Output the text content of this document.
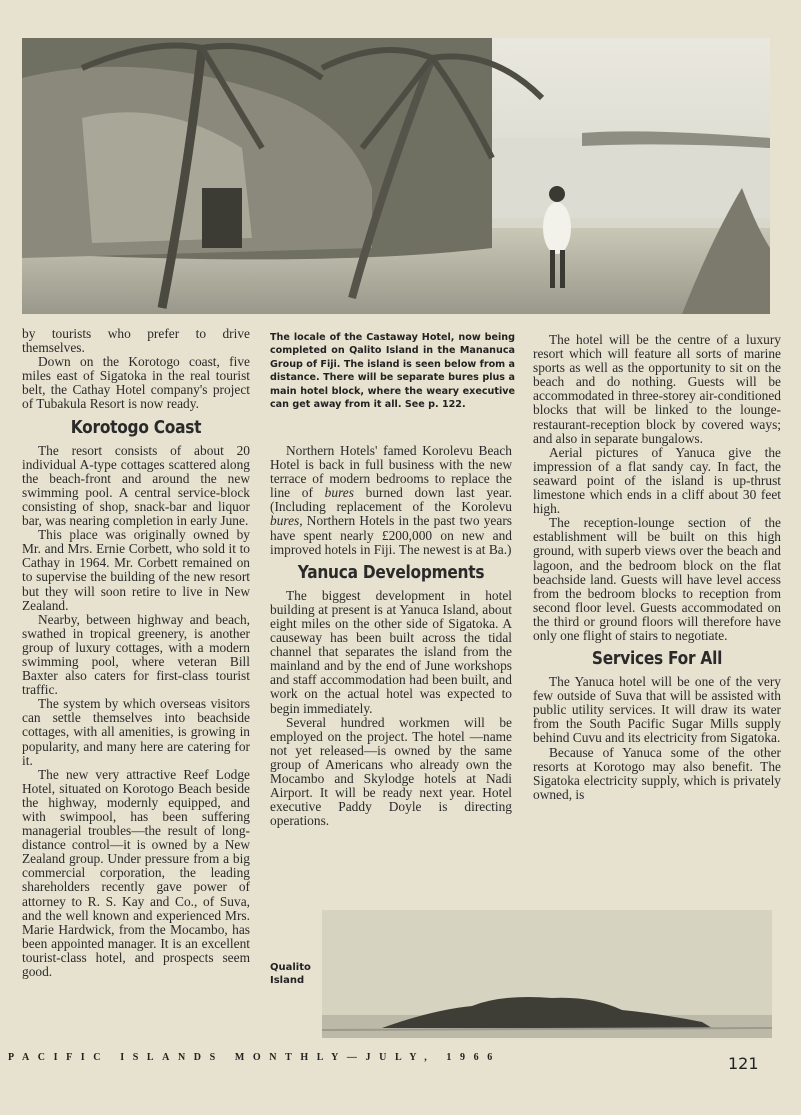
by tourists who prefer to drive themselves.

Down on the Korotogo coast, five miles east of Sigatoka in the real tourist belt, the Cathay Hotel company's project of Tubakula Resort is now ready.

Korotogo Coast

The resort consists of about 20 individual A-type cottages scattered along the beach-front and around the new swimming pool. A central service-block consisting of shop, snack-bar and liquor bar, was nearing completion in early June.

This place was originally owned by Mr. and Mrs. Ernie Corbett, who sold it to Cathay in 1964. Mr. Corbett remained on to supervise the building of the new resort but they will soon retire to live in New Zealand.

Nearby, between highway and beach, swathed in tropical greenery, is another group of luxury cottages, with a modern swimming pool, where veteran Bill Baxter also caters for first-class tourist traffic.

The system by which overseas visitors can settle themselves into beachside cottages, with all amenities, is growing in popularity, and many here are catering for it.

The new very attractive Reef Lodge Hotel, situated on Korotogo Beach beside the highway, modernly equipped, and with swimpool, has been suffering managerial troubles—the result of long-distance control—it is owned by a New Zealand group. Under pressure from a big commercial corporation, the leading shareholders recently gave power of attorney to R. S. Kay and Co., of Suva, and the well known and experienced Mrs. Marie Hardwick, from the Mocambo, has been appointed manager. It is an excellent tourist-class hotel, and prospects seem good.

The locale of the Castaway Hotel, now being completed on Qalito Island in the Mananuca Group of Fiji. The island is seen below from a distance. There will be separate bures plus a main hotel block, where the weary executive can get away from it all. See p. 122.

Northern Hotels' famed Korolevu Beach Hotel is back in full business with the new terrace of modern bedrooms to replace the line of bures burned down last year. (Including replacement of the Korolevu bures, Northern Hotels in the past two years have spent nearly £200,000 on new and improved hotels in Fiji. The newest is at Ba.)

Yanuca Developments

The biggest development in hotel building at present is at Yanuca Island, about eight miles on the other side of Sigatoka. A causeway has been built across the tidal channel that separates the island from the mainland and by the end of June workshops and staff accommodation had been built, and work on the actual hotel was expected to begin immediately.

Several hundred workmen will be employed on the project. The hotel —name not yet released—is owned by the same group of Americans who already own the Mocambo and Skylodge hotels at Nadi Airport. It will be ready next year. Hotel executive Paddy Doyle is directing operations.

The hotel will be the centre of a luxury resort which will feature all sorts of marine sports as well as the opportunity to sit on the beach and do nothing. Guests will be accommodated in three-storey air-conditioned blocks that will be linked to the lounge-restaurant-reception block by covered ways; and also in separate bungalows.

Aerial pictures of Yanuca give the impression of a flat sandy cay. In fact, the seaward point of the island is up-thrust limestone which ends in a cliff about 30 feet high.

The reception-lounge section of the establishment will be built on this high ground, with superb views over the beach and lagoon, and the bedroom block on the flat beachside land. Guests will have level access from the bedroom blocks to reception from second floor level. Guests accommodated on the third or ground floors will therefore have only one flight of stairs to negotiate.

Services For All

The Yanuca hotel will be one of the very few outside of Suva that will be assisted with public utility services. It will draw its water from the South Pacific Sugar Mills supply behind Cuvu and its electricity from Sigatoka.

Because of Yanuca some of the other resorts at Korotogo may also benefit. The Sigatoka electricity supply, which is privately owned, is

Qualito Island
PACIFIC ISLANDS MONTHLY—JULY, 1966	121
